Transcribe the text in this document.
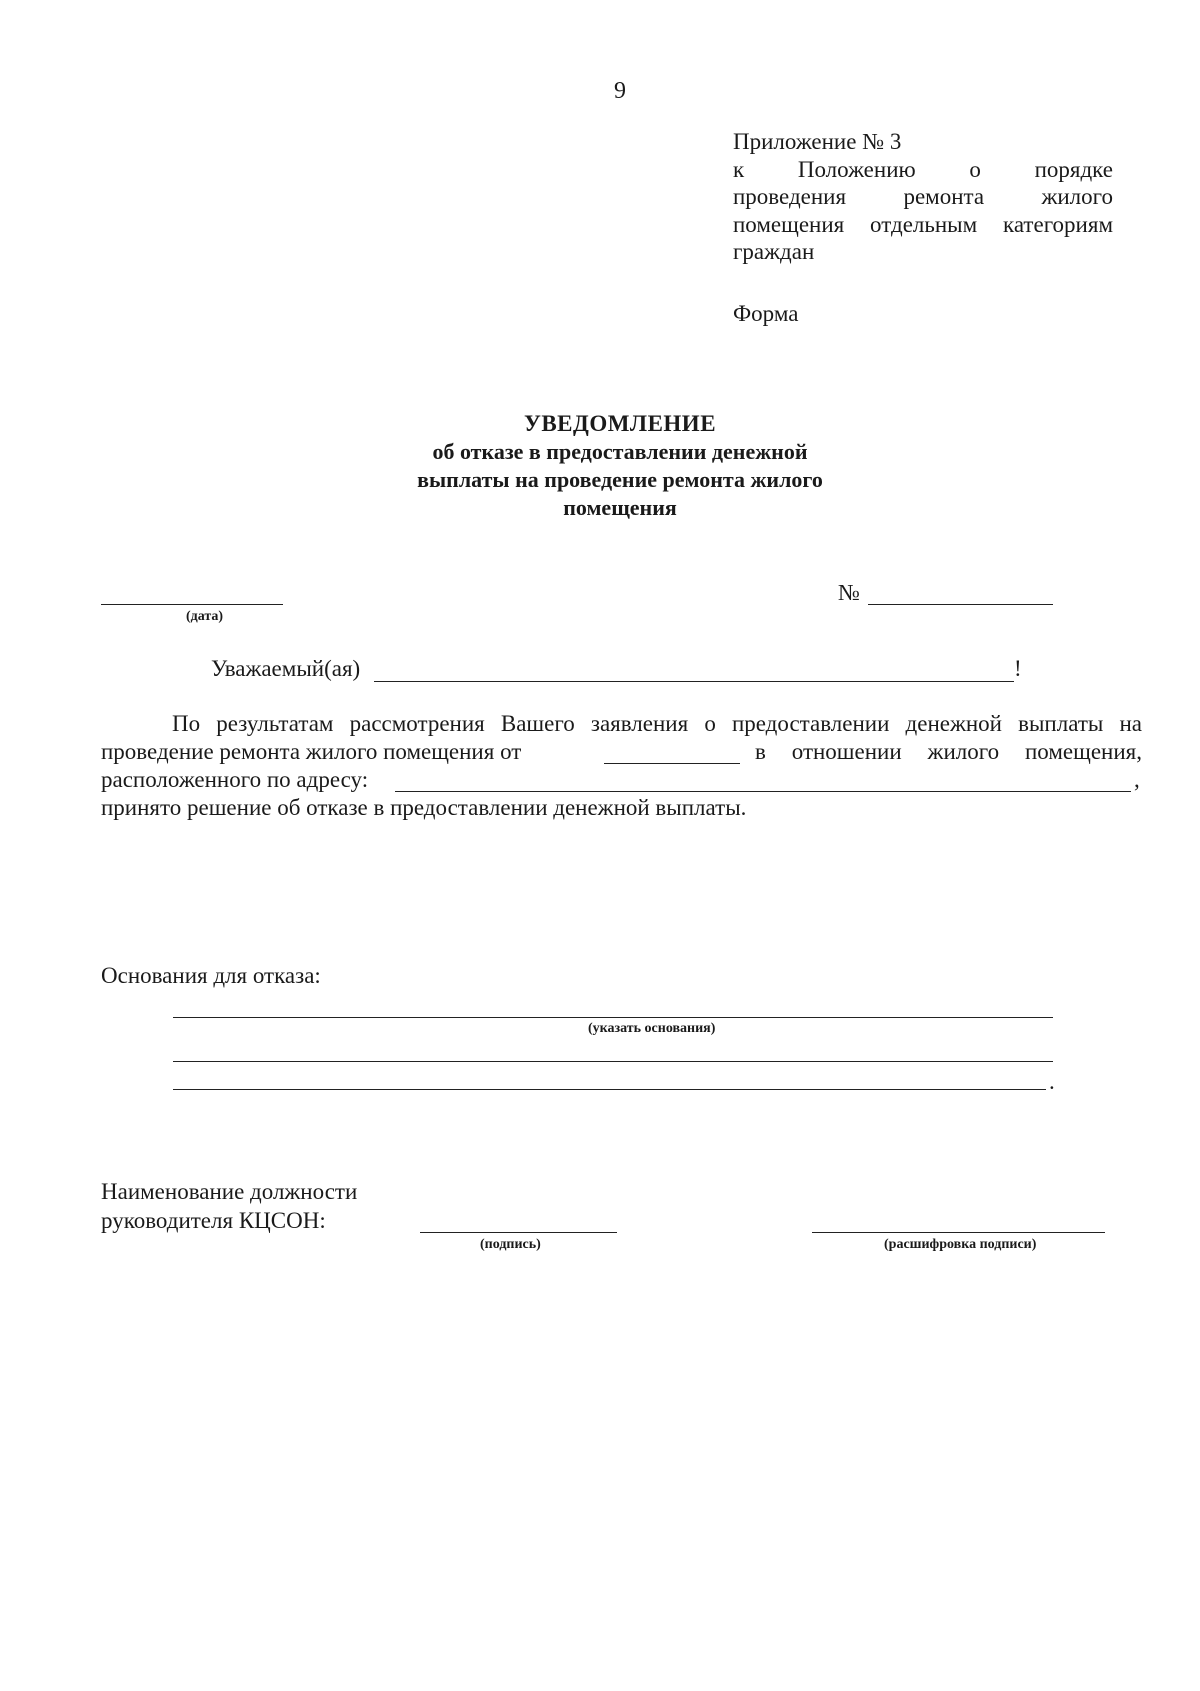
9
Приложение № 3
к Положению о порядке
проведения ремонта жилого
помещения отдельным категориям
граждан
Форма
УВЕДОМЛЕНИЕ
об отказе в предоставлении денежной
выплаты на проведение ремонта жилого
помещения
(дата)
№
Уважаемый(ая)	!
По результатам рассмотрения Вашего заявления о предоставлении денежной выплаты на
проведение ремонта жилого помещения от	в отношении жилого помещения,
расположенного по адресу:	,
принято решение об отказе в предоставлении денежной выплаты.
Основания для отказа:
(указать основания)
.
Наименование должности
руководителя КЦСОН:
(подпись)	(расшифровка подписи)
